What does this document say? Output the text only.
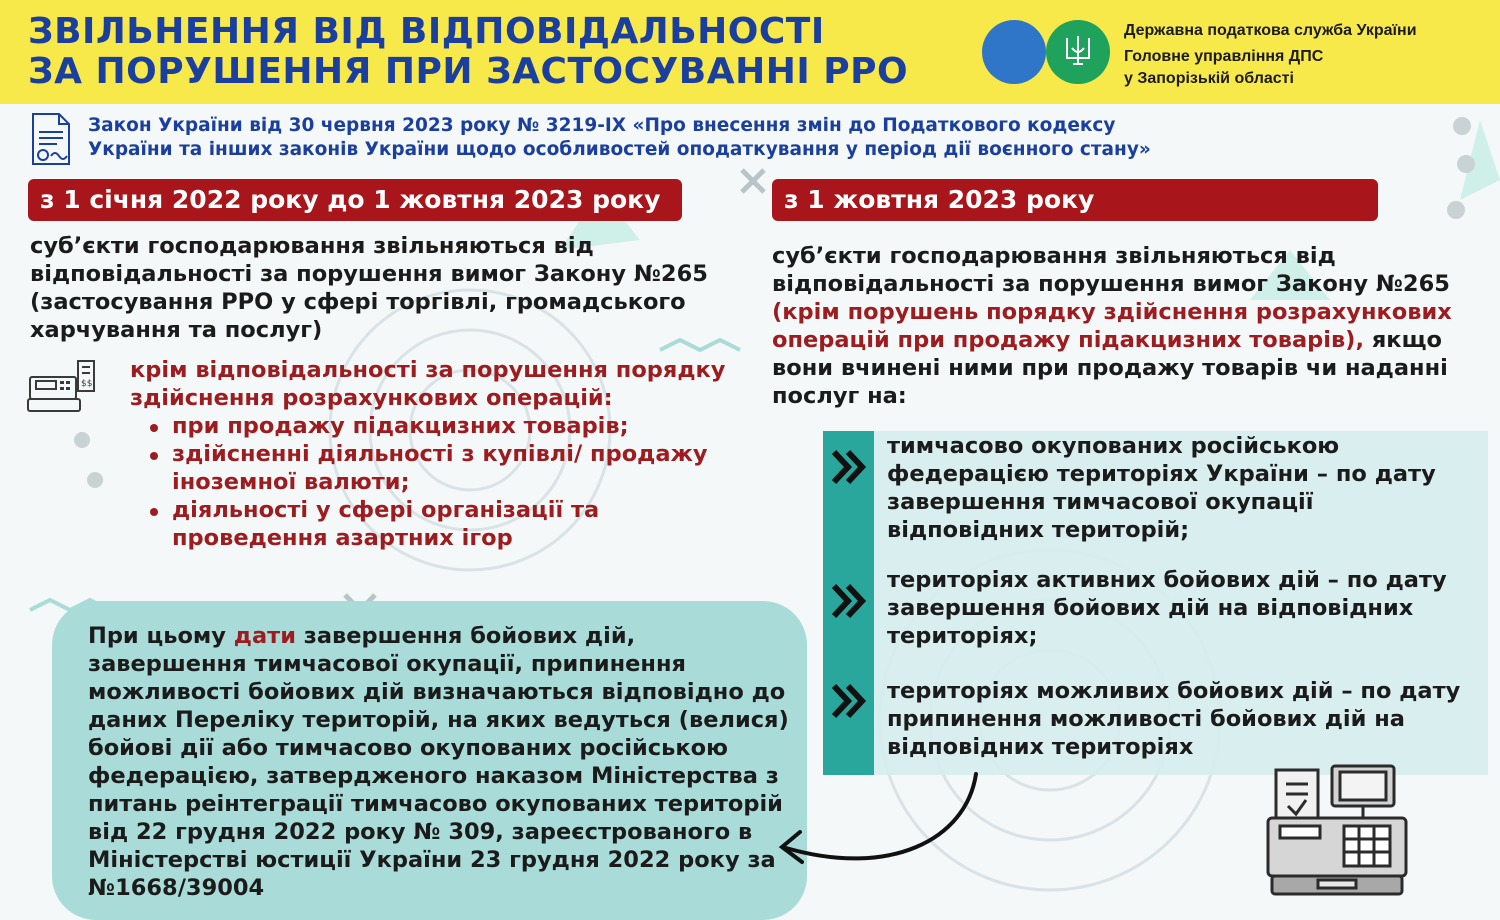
ЗВІЛЬНЕННЯ ВІД ВІДПОВІДАЛЬНОСТІ
ЗА ПОРУШЕННЯ ПРИ ЗАСТОСУВАННІ РРО
Державна податкова служба України
Головне управління ДПС
у Запорізькій області
Закон України від 30 червня 2023 року № 3219-ІХ «Про внесення змін до Податкового кодексу
України та інших законів України щодо особливостей оподаткування у період дії воєнного стану»
з 1 січня 2022 року до 1 жовтня 2023 року	з 1 жовтня 2023 року
суб’єкти господарювання звільняються від відповідальності за порушення вимог Закону №265 (застосування РРО у сфері торгівлі, громадського харчування та послуг)
$$
крім відповідальності за порушення порядку здійснення розрахункових операцій:
при продажу підакцизних товарів;
здійсненні діяльності з купівлі/ продажу іноземної валюти;
діяльності у сфері організації та проведення азартних ігор
суб’єкти господарювання звільняються від відповідальності за порушення вимог Закону №265 (крім порушень порядку здійснення розрахункових операцій при продажу підакцизних товарів), якщо вони вчинені ними при продажу товарів чи наданні послуг на:
тимчасово окупованих російською федерацією територіях України – по дату завершення тимчасової окупації відповідних територій;
територіях активних бойових дій – по дату завершення бойових дій на відповідних територіях;
територіях можливих бойових дій – по дату припинення можливості бойових дій на відповідних територіях
При цьому дати завершення бойових дій, завершення тимчасової окупації, припинення можливості бойових дій визначаються відповідно до даних Переліку територій, на яких ведуться (велися) бойові дії або тимчасово окупованих російською федерацією, затвердженого наказом Міністерства з питань реінтеграції тимчасово окупованих територій від 22 грудня 2022 року № 309, зареєстрованого в Міністерстві юстиції України 23 грудня 2022 року за №1668/39004
